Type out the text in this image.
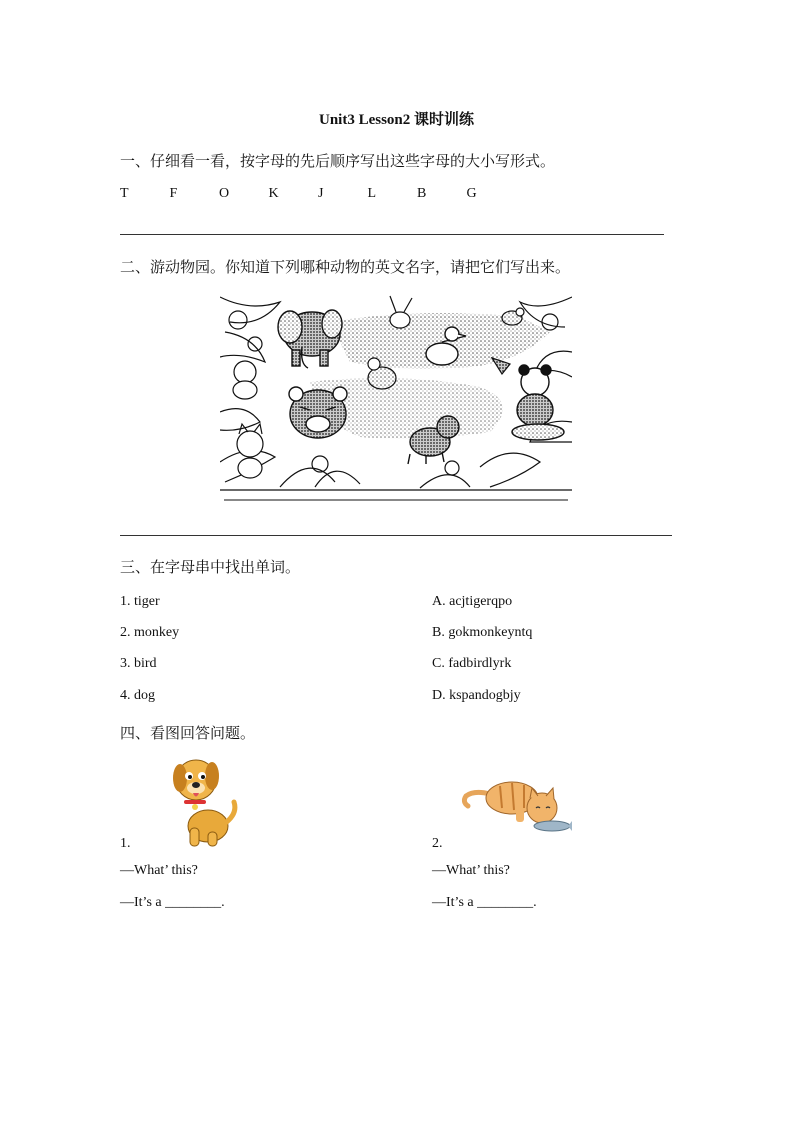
Unit3 Lesson2 课时训练
一、仔细看一看，按字母的先后顺序写出这些字母的大小写形式。
T	F	O	K	J	L	B	G
二、游动物园。你知道下列哪种动物的英文名字，请把它们写出来。
三、在字母串中找出单词。
1. tiger
2. monkey
3. bird
4. dog
A. acjtigerqpo
B. gokmonkeyntq
C. fadbirdlyrk
D. kspandogbjy
四、看图回答问题。
1.
—What’ this?
—It’s a ________.
2.
—What’ this?
—It’s a ________.
